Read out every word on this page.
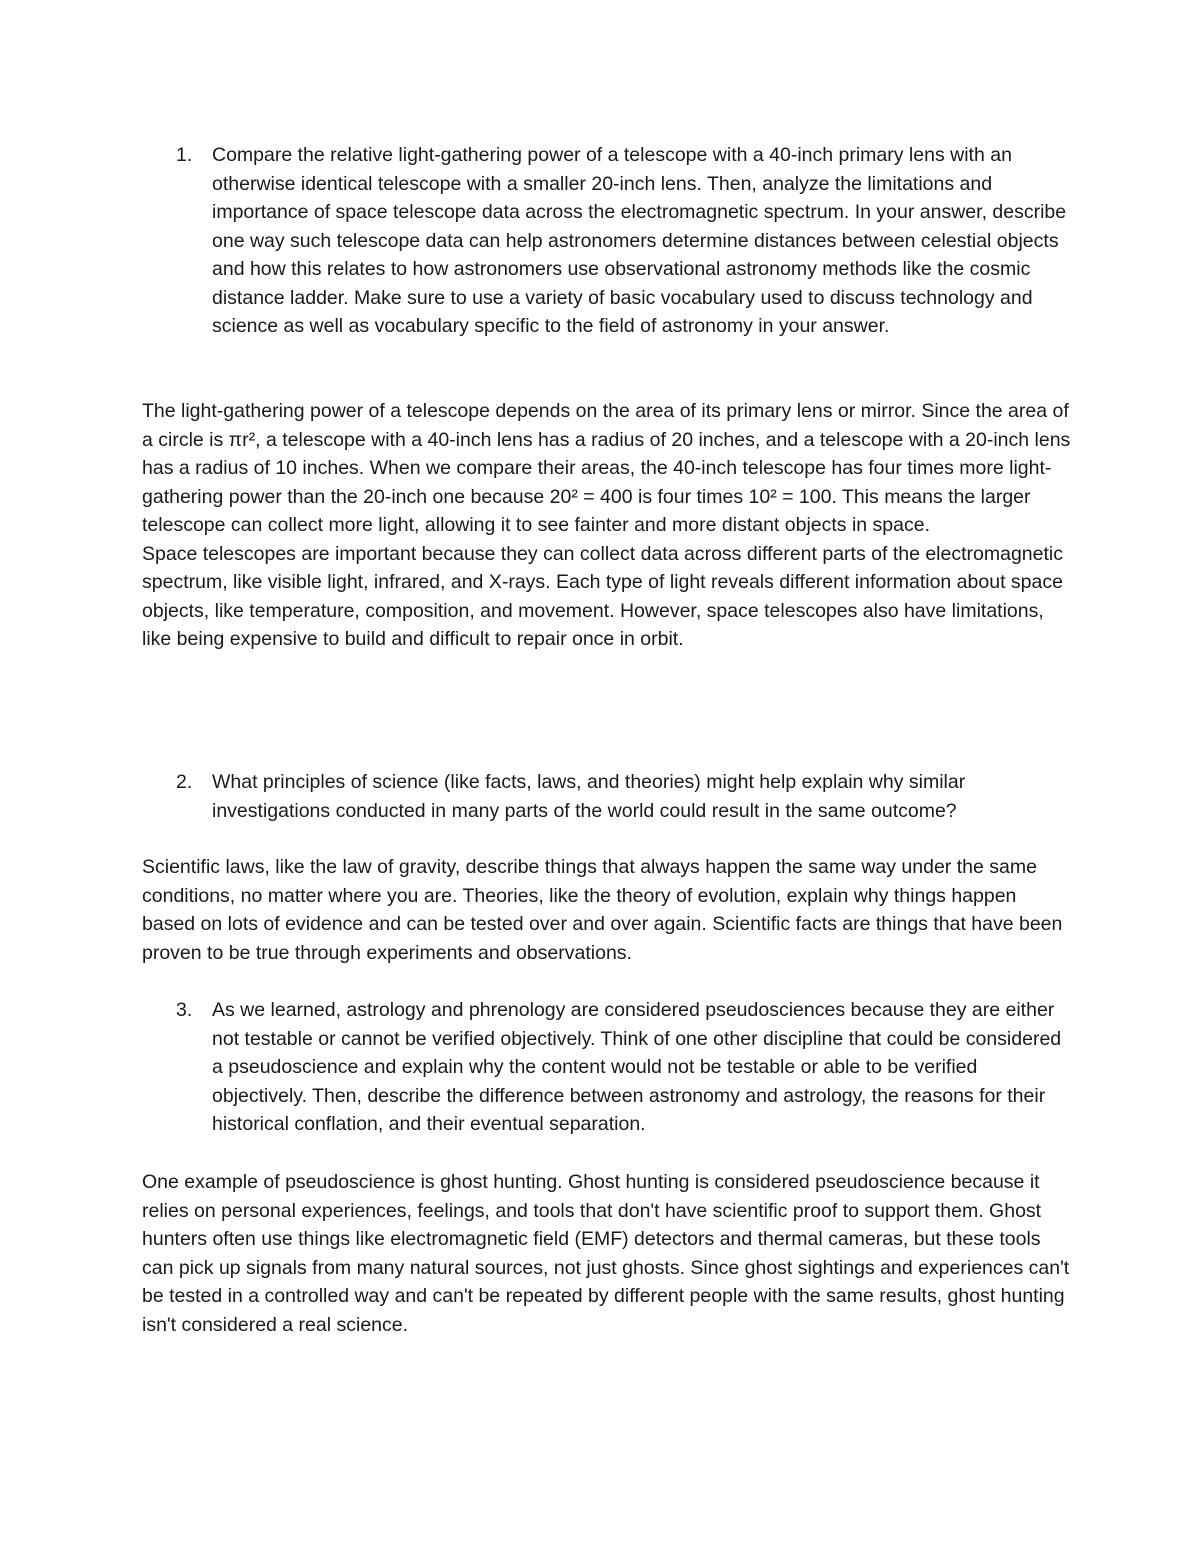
1. Compare the relative light-gathering power of a telescope with a 40-inch primary lens with an otherwise identical telescope with a smaller 20-inch lens. Then, analyze the limitations and importance of space telescope data across the electromagnetic spectrum. In your answer, describe one way such telescope data can help astronomers determine distances between celestial objects and how this relates to how astronomers use observational astronomy methods like the cosmic distance ladder. Make sure to use a variety of basic vocabulary used to discuss technology and science as well as vocabulary specific to the field of astronomy in your answer.

The light-gathering power of a telescope depends on the area of its primary lens or mirror. Since the area of a circle is πr², a telescope with a 40-inch lens has a radius of 20 inches, and a telescope with a 20-inch lens has a radius of 10 inches. When we compare their areas, the 40-inch telescope has four times more light-gathering power than the 20-inch one because 20² = 400 is four times 10² = 100. This means the larger telescope can collect more light, allowing it to see fainter and more distant objects in space.

Space telescopes are important because they can collect data across different parts of the electromagnetic spectrum, like visible light, infrared, and X-rays. Each type of light reveals different information about space objects, like temperature, composition, and movement. However, space telescopes also have limitations, like being expensive to build and difficult to repair once in orbit.

2. What principles of science (like facts, laws, and theories) might help explain why similar investigations conducted in many parts of the world could result in the same outcome?

Scientific laws, like the law of gravity, describe things that always happen the same way under the same conditions, no matter where you are. Theories, like the theory of evolution, explain why things happen based on lots of evidence and can be tested over and over again. Scientific facts are things that have been proven to be true through experiments and observations.

3. As we learned, astrology and phrenology are considered pseudosciences because they are either not testable or cannot be verified objectively. Think of one other discipline that could be considered a pseudoscience and explain why the content would not be testable or able to be verified objectively. Then, describe the difference between astronomy and astrology, the reasons for their historical conflation, and their eventual separation.

One example of pseudoscience is ghost hunting. Ghost hunting is considered pseudoscience because it relies on personal experiences, feelings, and tools that don't have scientific proof to support them. Ghost hunters often use things like electromagnetic field (EMF) detectors and thermal cameras, but these tools can pick up signals from many natural sources, not just ghosts. Since ghost sightings and experiences can't be tested in a controlled way and can't be repeated by different people with the same results, ghost hunting isn't considered a real science.
